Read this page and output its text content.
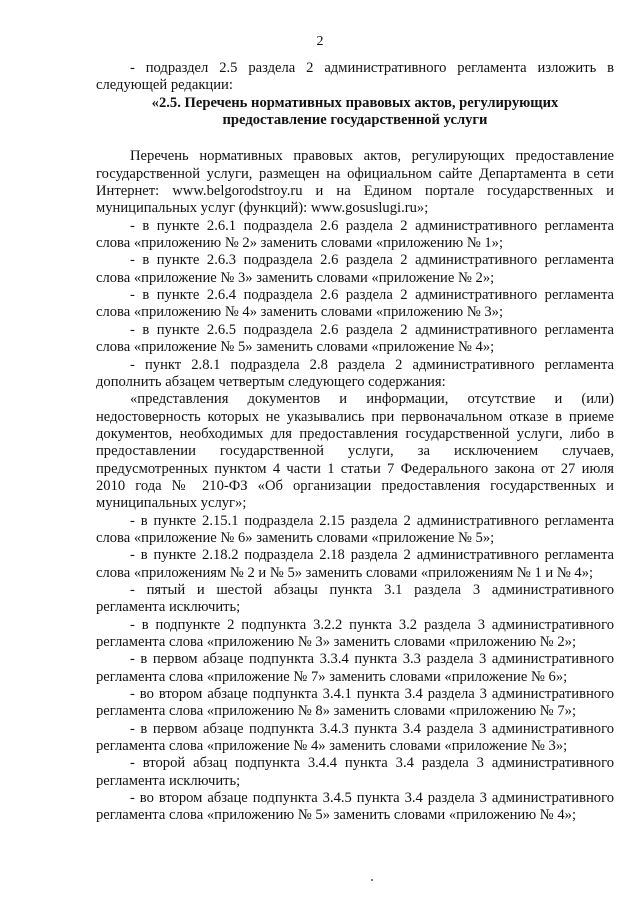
2

- подраздел 2.5 раздела 2 административного регламента изложить в следующей редакции:

«2.5. Перечень нормативных правовых актов, регулирующих
предоставление государственной услуги

Перечень нормативных правовых актов, регулирующих предоставление государственной услуги, размещен на официальном сайте Департамента в сети Интернет: www.belgorodstroy.ru и на Едином портале государственных и муниципальных услуг (функций): www.gosuslugi.ru»;

- в пункте 2.6.1 подраздела 2.6 раздела 2 административного регламента слова «приложению № 2» заменить словами «приложению № 1»;

- в пункте 2.6.3 подраздела 2.6 раздела 2 административного регламента слова «приложение № 3» заменить словами «приложение № 2»;

- в пункте 2.6.4 подраздела 2.6 раздела 2 административного регламента слова «приложению № 4» заменить словами «приложению № 3»;

- в пункте 2.6.5 подраздела 2.6 раздела 2 административного регламента слова «приложение № 5» заменить словами «приложение № 4»;

- пункт 2.8.1 подраздела 2.8 раздела 2 административного регламента дополнить абзацем четвертым следующего содержания:

«представления документов и информации, отсутствие и (или) недостоверность которых не указывались при первоначальном отказе в приеме документов, необходимых для предоставления государственной услуги, либо в предоставлении государственной услуги, за исключением случаев, предусмотренных пунктом 4 части 1 статьи 7 Федерального закона от 27 июля 2010 года № 210-ФЗ «Об организации предоставления государственных и муниципальных услуг»;

- в пункте 2.15.1 подраздела 2.15 раздела 2 административного регламента слова «приложение № 6» заменить словами «приложение № 5»;

- в пункте 2.18.2 подраздела 2.18 раздела 2 административного регламента слова «приложениям № 2 и № 5» заменить словами «приложениям № 1 и № 4»;

- пятый и шестой абзацы пункта 3.1 раздела 3 административного регламента исключить;

- в подпункте 2 подпункта 3.2.2 пункта 3.2 раздела 3 административного регламента слова «приложению № 3» заменить словами «приложению № 2»;

- в первом абзаце подпункта 3.3.4 пункта 3.3 раздела 3 административного регламента слова «приложение № 7» заменить словами «приложение № 6»;

- во втором абзаце подпункта 3.4.1 пункта 3.4 раздела 3 административного регламента слова «приложению № 8» заменить словами «приложению № 7»;

- в первом абзаце подпункта 3.4.3 пункта 3.4 раздела 3 административного регламента слова «приложение № 4» заменить словами «приложение № 3»;

- второй абзац подпункта 3.4.4 пункта 3.4 раздела 3 административного регламента исключить;

- во втором абзаце подпункта 3.4.5 пункта 3.4 раздела 3 административного регламента слова «приложению № 5» заменить словами «приложению № 4»;
